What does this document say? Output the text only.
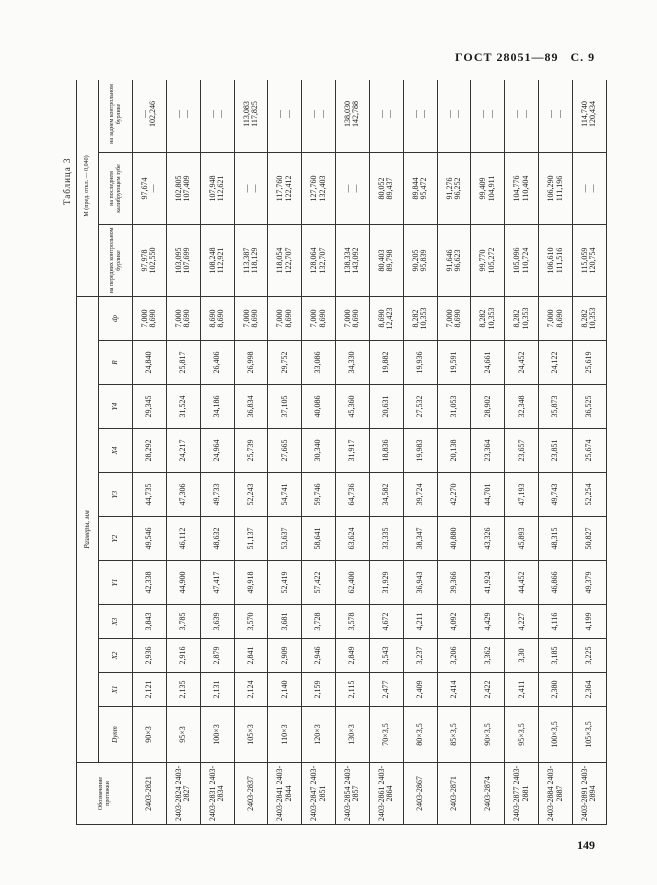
ГОСТ 28051—89 С. 9
Таблица 3
Обозначение протяжки	Размеры, мм											M (пред. откл. — 0,040)		
	Dупт	X1	X2	X3	Y1	Y2	Y3	X4	Y4	R	dp	на передних контрольном бурлике	на последнем калибрующем зубе	на заднем контрольном бурлике
2403-2821	90×3	2,121	2,936	3,843	42,338	49,546	44,735	28,292	29,345	24,840	7,000 8,690	97,978 102,550	97,674 —	— 102,246

2403-2824 2403-2827	95×3	2,135	2,916	3,785	44,900	46,112	47,306	24,217	31,524	25,817	7,000 8,690	103,095 107,699	102,805 107,409	— —

2403-2831 2403-2834	100×3	2,131	2,879	3,639	47,417	48,632	49,733	24,964	34,186	26,406	8,690 8,690	108,248 112,921	107,948 112,621	— —

2403-2837	105×3	2,124	2,841	3,570	49,918	51,137	52,243	25,739	36,834	26,998	7,000 8,690	113,387 118,129	— —	113,083 117,825

2403-2841 2403-2844	110×3	2,140	2,909	3,681	52,419	53,637	54,741	27,665	37,105	29,752	7,000 8,690	118,054 122,707	117,760 122,412	— —

2403-2847 2403-2851	120×3	2,159	2,946	3,728	57,422	58,641	59,746	30,340	40,086	33,086	7,000 8,690	128,064 132,707	127,760 132,403	— —

2403-2854 2403-2857	130×3	2,115	2,849	3,578	62,400	63,624	64,736	31,917	45,360	34,330	7,000 8,690	138,334 143,092	— —	138,030 142,788

2403-2861 2403-2864	70×3,5	2,477	3,543	4,672	31,929	33,335	34,582	18,836	20,631	19,882	8,690 12,423	80,403 89,798	80,052 89,437	— —

2403-2867	80×3,5	2,409	3,237	4,211	36,943	38,347	39,724	19,983	27,532	19,936	8,282 10,353	90,205 95,839	89,844 95,472	— —

2403-2871	85×3,5	2,414	3,206	4,092	39,366	40,880	42,270	20,138	31,053	19,591	7,000 8,690	91,646 96,623	91,276 96,252	— —

2403-2874	90×3,5	2,422	3,362	4,429	41,924	43,326	44,701	23,364	28,902	24,661	8,282 10,353	99,770 105,272	99,409 104,911	— —

2403-2877 2403-2881	95×3,5	2,411	3,30	4,227	44,452	45,893	47,193	23,657	32,348	24,452	8,282 10,353	105,096 110,724	104,776 110,404	— —

2403-2884 2403-2887	100×3,5	2,380	3,185	4,116	46,866	48,315	49,743	23,851	35,873	24,122	7,000 8,690	106,610 111,516	106,290 111,196	— —

2403-2891 2403-2894	105×3,5	2,364	3,225	4,199	49,379	50,827	52,254	25,674	36,525	25,619	8,282 10,353	115,059 120,754	— —	114,740 120,434
149
